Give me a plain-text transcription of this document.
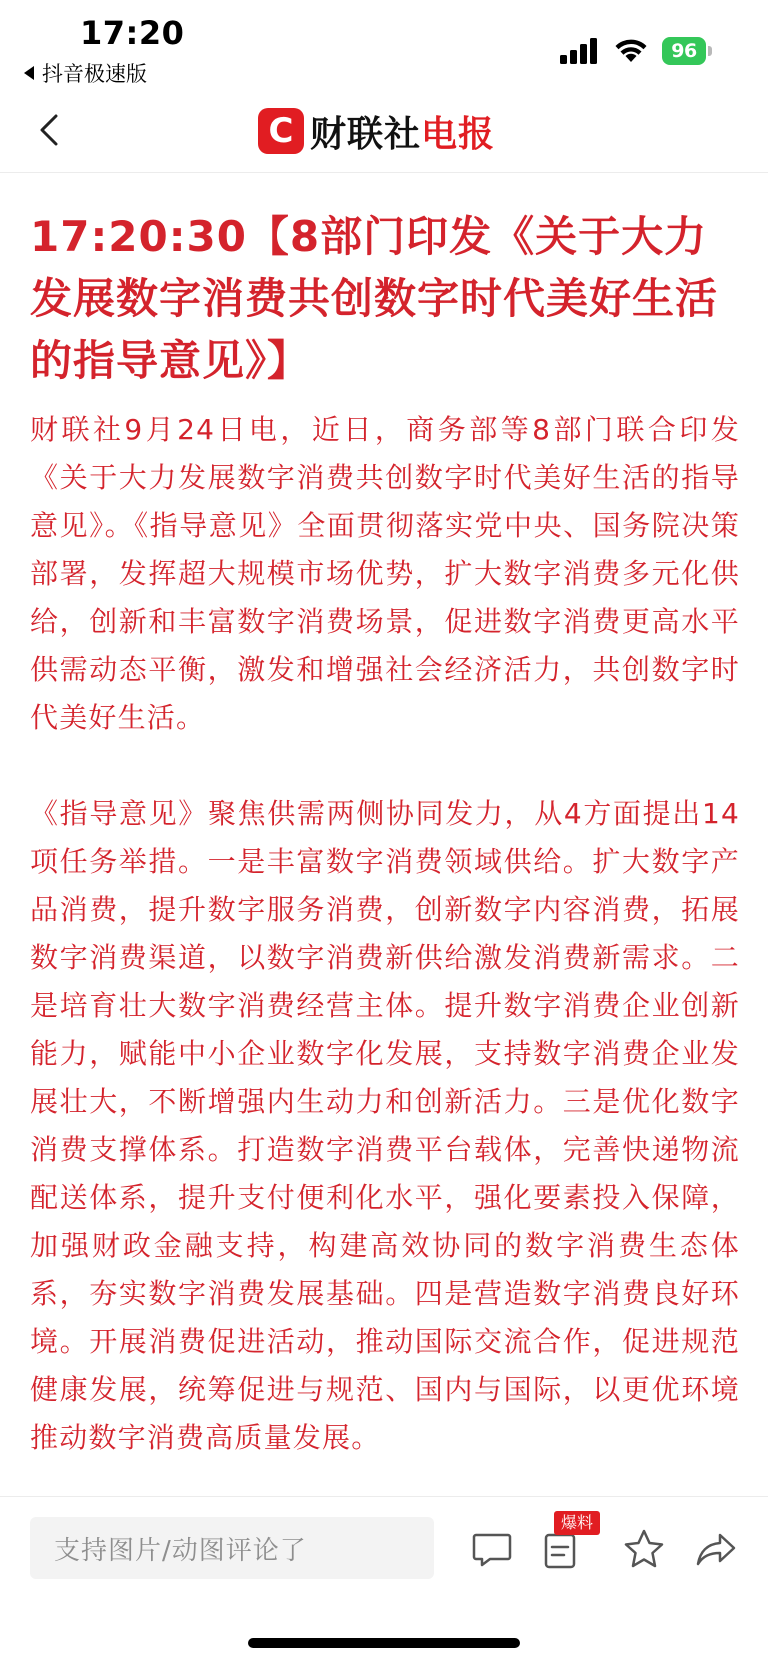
17:20
抖音极速版
96
C 财联社 电报
17:20:30【8部门印发《关于大力发展数字消费共创数字时代美好生活的指导意见》】

财联社9月24日电，近日，商务部等8部门联合印发《关于大力发展数字消费共创数字时代美好生活的指导意见》。《指导意见》全面贯彻落实党中央、国务院决策部署，发挥超大规模市场优势，扩大数字消费多元化供给，创新和丰富数字消费场景，促进数字消费更高水平供需动态平衡，激发和增强社会经济活力，共创数字时代美好生活。

《指导意见》聚焦供需两侧协同发力，从4方面提出14项任务举措。一是丰富数字消费领域供给。扩大数字产品消费，提升数字服务消费，创新数字内容消费，拓展数字消费渠道，以数字消费新供给激发消费新需求。二是培育壮大数字消费经营主体。提升数字消费企业创新能力，赋能中小企业数字化发展，支持数字消费企业发展壮大，不断增强内生动力和创新活力。三是优化数字消费支撑体系。打造数字消费平台载体，完善快递物流配送体系，提升支付便利化水平，强化要素投入保障，加强财政金融支持，构建高效协同的数字消费生态体系，夯实数字消费发展基础。四是营造数字消费良好环境。开展消费促进活动，推动国际交流合作，促进规范健康发展，统筹促进与规范、国内与国际，以更优环境推动数字消费高质量发展。

支持图片/动图评论了
爆料
